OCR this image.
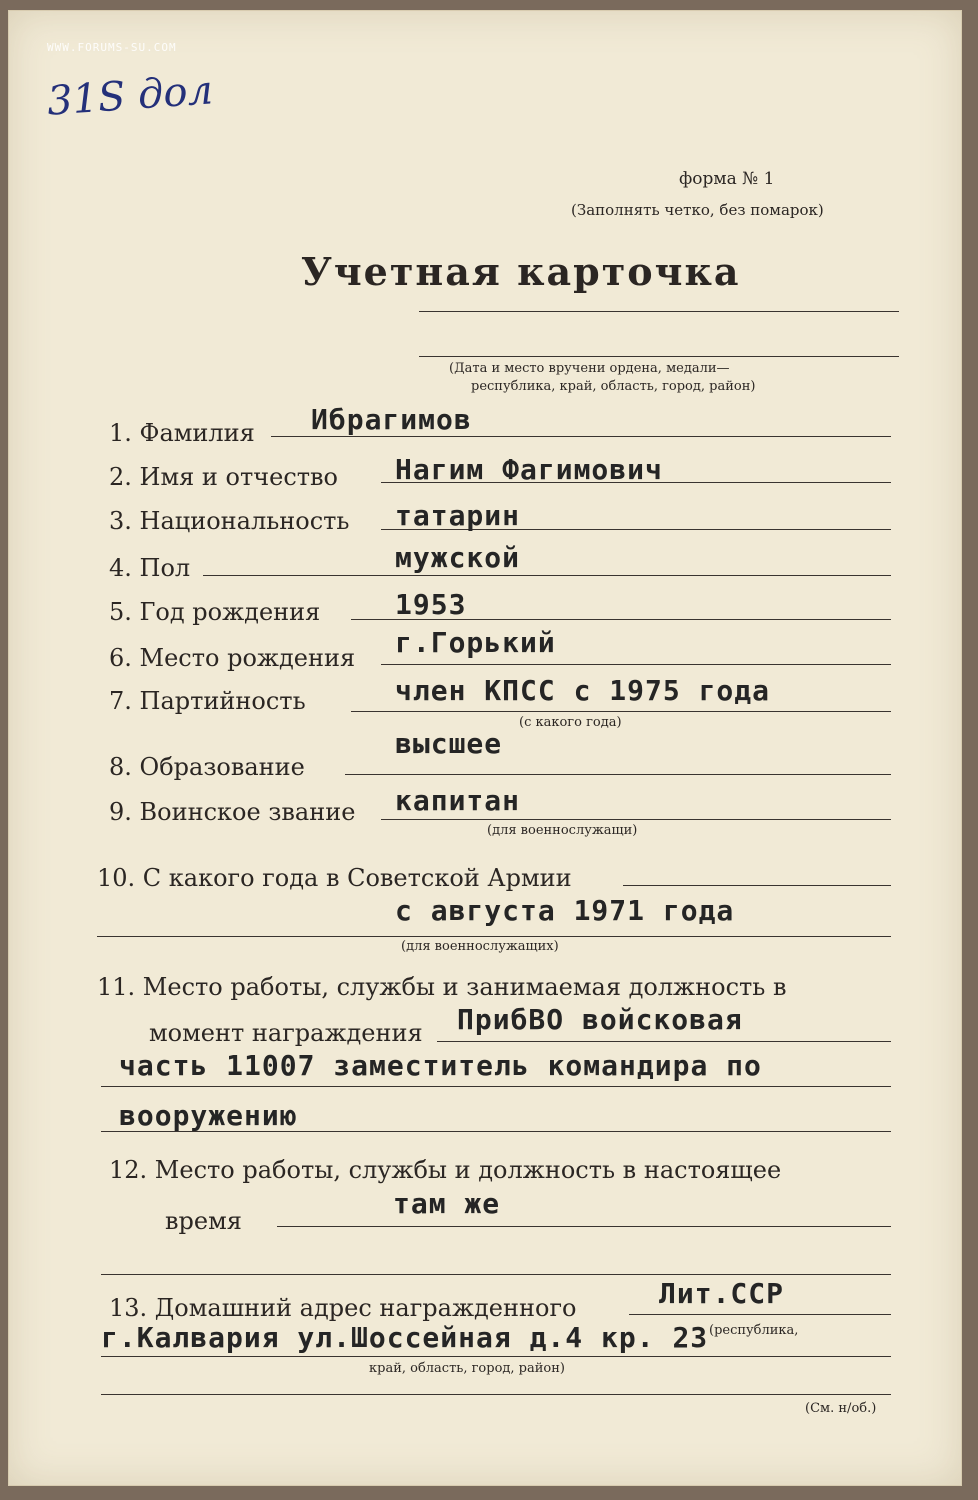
WWW.FORUMS-SU.COM
31S дол
форма № 1
(Заполнять четко, без помарок)
Учетная карточка
(Дата и место вручени ордена, медали—
республика, край, область, город, район)
1. Фамилия Ибрагимов
2. Имя и отчество Нагим Фагимович
3. Национальность татарин
4. Пол	мужской
5. Год рождения	1953
6. Место рождения г.Горький
7. Партийность	член КПСС с 1975 года
(с какого года)
8. Образование
высшее
9. Воинское звание капитан
(для военнослужащи)
10. С какого года в Советской Армии
с августа 1971 года
(для военнослужащих)
11. Место работы, службы и занимаемая должность в
момент награждения ПрибВО войсковая
часть 11007 заместитель командира по
вооружению
12. Место работы, службы и должность в настоящее
время
там же
13. Домашний адрес награжденного	Лит.ССР
(республика,
г.Калвария ул.Шоссейная д.4 кр. 23
край, область, город, район)
(См. н/об.)
